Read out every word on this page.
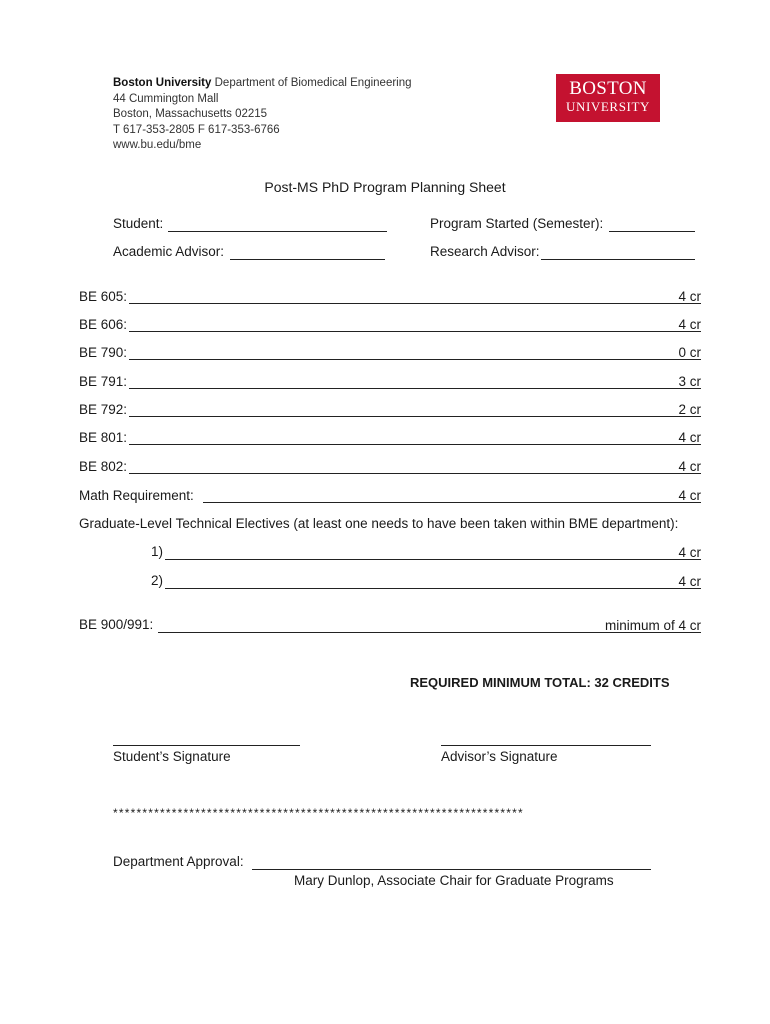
Boston University Department of Biomedical Engineering
44 Cummington Mall
Boston, Massachusetts 02215
T 617-353-2805 F 617-353-6766
www.bu.edu/bme
BOSTON
UNIVERSITY
Post-MS PhD Program Planning Sheet
Student:	Program Started (Semester):
Academic Advisor:	Research Advisor:
BE 605:	4 cr
BE 606:	4 cr
BE 790:	0 cr
BE 791:	3 cr
BE 792:	2 cr
BE 801:	4 cr
BE 802:	4 cr
Math Requirement:	4 cr
Graduate-Level Technical Electives (at least one needs to have been taken within BME department):
1)	4 cr
2)	4 cr
BE 900/991:	minimum of 4 cr
REQUIRED MINIMUM TOTAL: 32 CREDITS
Student’s Signature	Advisor’s Signature
**********************************************************************
Department Approval:
Mary Dunlop, Associate Chair for Graduate Programs
